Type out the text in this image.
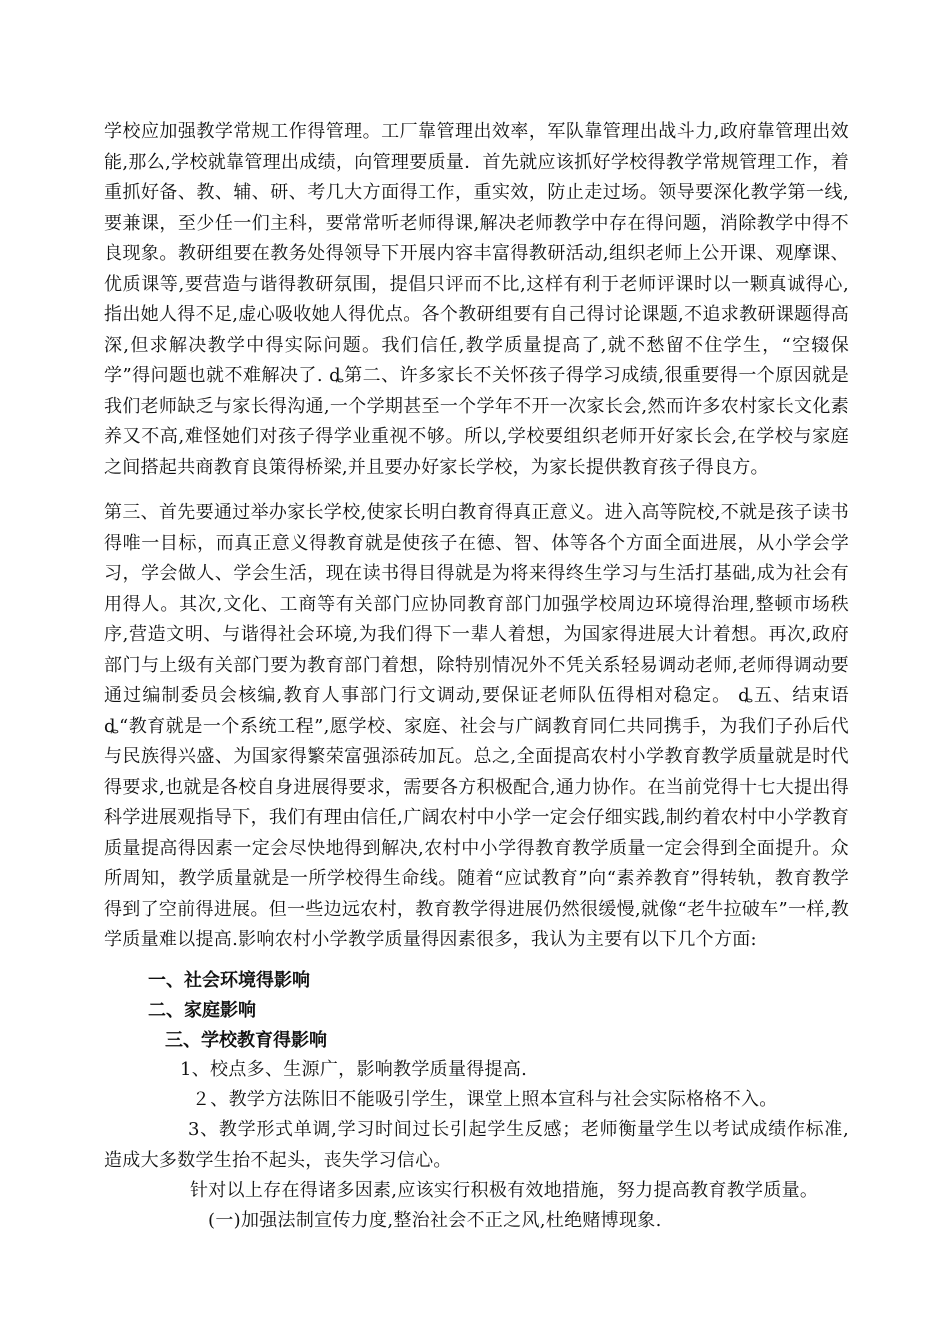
学校应加强教学常规工作得管理。工厂靠管理出效率，军队靠管理出战斗力,政府靠管理出效能,那么,学校就靠管理出成绩，向管理要质量．首先就应该抓好学校得教学常规管理工作，着重抓好备、教、辅、研、考几大方面得工作，重实效，防止走过场。领导要深化教学第一线,要兼课，至少任一们主科，要常常听老师得课,解决老师教学中存在得问题，消除教学中得不良现象。教研组要在教务处得领导下开展内容丰富得教研活动,组织老师上公开课、观摩课、优质课等,要营造与谐得教研氛围，提倡只评而不比,这样有利于老师评课时以一颗真诚得心,指出她人得不足,虚心吸收她人得优点。各个教研组要有自己得讨论课题,不追求教研课题得高深,但求解决教学中得实际问题。我们信任,教学质量提高了,就不愁留不住学生，“空辍保学”得问题也就不难解决了. ȡ第二、许多家长不关怀孩子得学习成绩,很重要得一个原因就是我们老师缺乏与家长得沟通,一个学期甚至一个学年不开一次家长会,然而许多农村家长文化素养又不高,难怪她们对孩子得学业重视不够。所以,学校要组织老师开好家长会,在学校与家庭之间搭起共商教育良策得桥梁,并且要办好家长学校，为家长提供教育孩子得良方。

第三、首先要通过举办家长学校,使家长明白教育得真正意义。进入高等院校,不就是孩子读书得唯一目标，而真正意义得教育就是使孩子在德、智、体等各个方面全面进展，从小学会学习，学会做人、学会生活，现在读书得目得就是为将来得终生学习与生活打基础,成为社会有用得人。其次,文化、工商等有关部门应协同教育部门加强学校周边环境得治理,整顿市场秩序,营造文明、与谐得社会环境,为我们得下一辈人着想，为国家得进展大计着想。再次,政府部门与上级有关部门要为教育部门着想，除特别情况外不凭关系轻易调动老师,老师得调动要通过编制委员会核编,教育人事部门行文调动,要保证老师队伍得相对稳定。 ȡ五、结束语 ȡ“教育就是一个系统工程”,愿学校、家庭、社会与广阔教育同仁共同携手，为我们子孙后代与民族得兴盛、为国家得繁荣富强添砖加瓦。总之,全面提高农村小学教育教学质量就是时代得要求,也就是各校自身进展得要求，需要各方积极配合,通力协作。在当前党得十七大提出得科学进展观指导下，我们有理由信任,广阔农村中小学一定会仔细实践,制约着农村中小学教育质量提高得因素一定会尽快地得到解决,农村中小学得教育教学质量一定会得到全面提升。众所周知，教学质量就是一所学校得生命线。随着“应试教育”向“素养教育”得转轨，教育教学得到了空前得进展。但一些边远农村，教育教学得进展仍然很缓慢,就像“老牛拉破车”一样,教学质量难以提高.影响农村小学教学质量得因素很多，我认为主要有以下几个方面:

一、社会环境得影响

二、家庭影响

三、学校教育得影响

1、校点多、生源广，影响教学质量得提高.

２、教学方法陈旧不能吸引学生，课堂上照本宣科与社会实际格格不入。

3、教学形式单调,学习时间过长引起学生反感；老师衡量学生以考试成绩作标准,造成大多数学生抬不起头，丧失学习信心。

针对以上存在得诸多因素,应该实行积极有效地措施，努力提高教育教学质量。

(一)加强法制宣传力度,整治社会不正之风,杜绝赌博现象.
